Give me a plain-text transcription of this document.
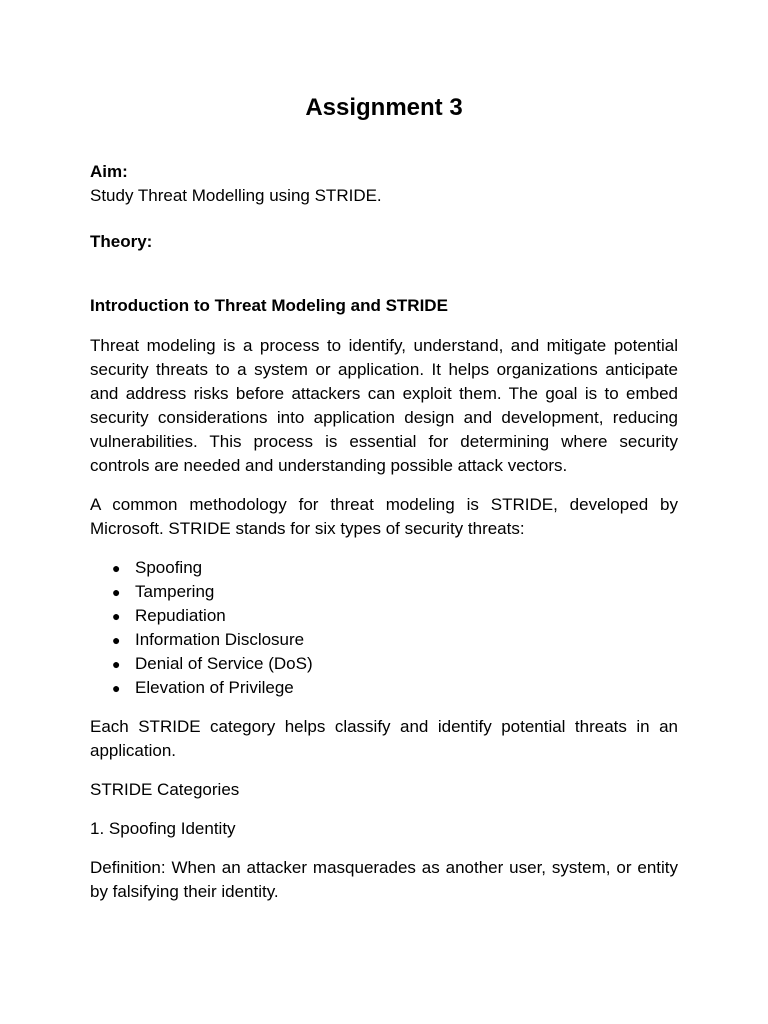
Assignment 3

Aim:

Study Threat Modelling using STRIDE.

Theory:

Introduction to Threat Modeling and STRIDE

Threat modeling is a process to identify, understand, and mitigate potential security threats to a system or application. It helps organizations anticipate and address risks before attackers can exploit them. The goal is to embed security considerations into application design and development, reducing vulnerabilities. This process is essential for determining where security controls are needed and understanding possible attack vectors.

A common methodology for threat modeling is STRIDE, developed by Microsoft. STRIDE stands for six types of security threats:

● Spoofing
● Tampering
● Repudiation
● Information Disclosure
● Denial of Service (DoS)
● Elevation of Privilege

Each STRIDE category helps classify and identify potential threats in an application.

STRIDE Categories

1. Spoofing Identity

Definition: When an attacker masquerades as another user, system, or entity by falsifying their identity.
